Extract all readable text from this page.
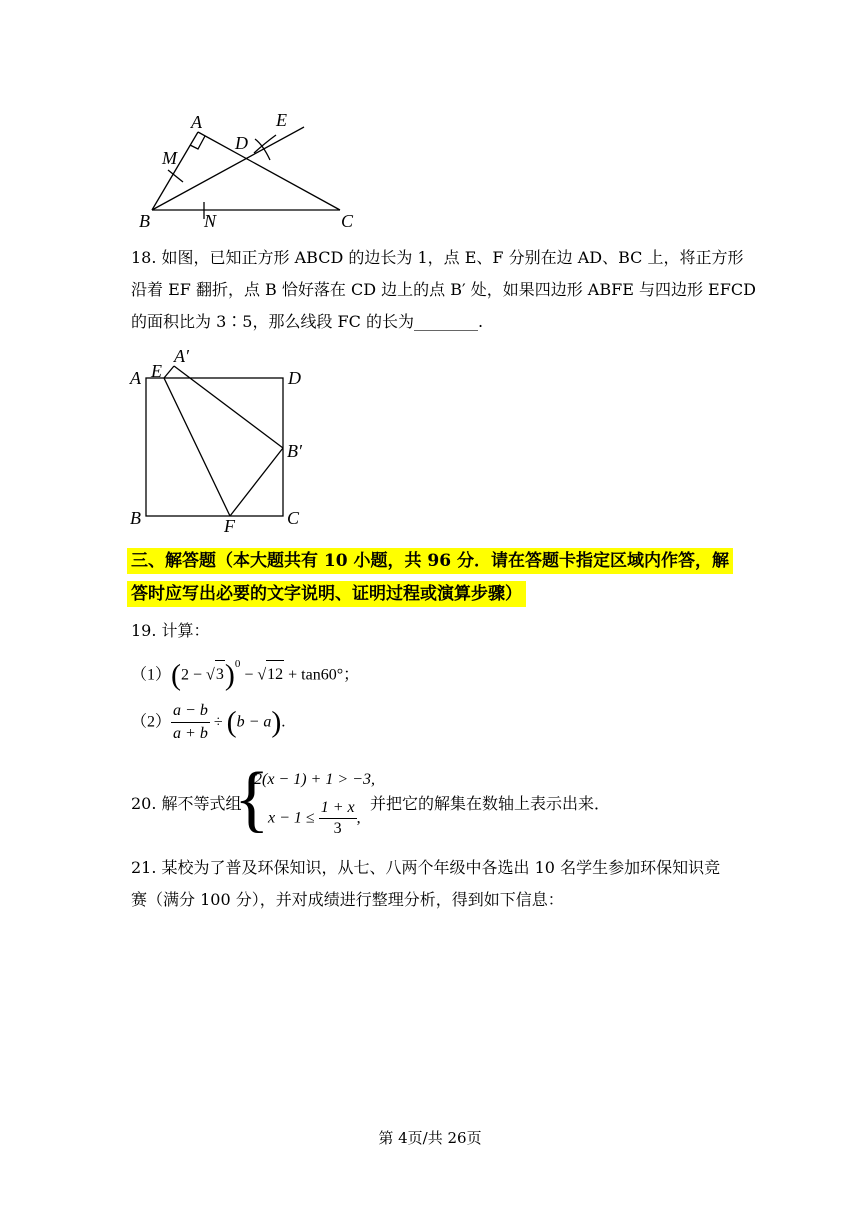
A
M
D
E
B	N	C
18. 如图，已知正方形 ABCD 的边长为 1，点 E、F 分别在边 AD、BC 上，将正方形
沿着 EF 翻折，点 B 恰好落在 CD 边上的点 B′ 处，如果四边形 ABFE 与四边形 EFCD
的面积比为 3∶5，那么线段 FC 的长为________.
A E
A′
D
B′
B	F	C
三、解答题（本大题共有 10 小题，共 96 分．请在答题卡指定区域内作答，解
答时应写出必要的文字说明、证明过程或演算步骤）
19. 计算：
$(1)(2 - √3)^0 - √12 + \tan 60^\circ$；
$(2) \frac{a - b}{a + b} \div (b - a)$.
20. 解不等式组
{
2(x − 1) + 1 > −3,
$x - 1 \le \frac{1 + x}{3}$ ,
并把它的解集在数轴上表示出来．
21. 某校为了普及环保知识，从七、八两个年级中各选出 10 名学生参加环保知识竞
赛（满分 100 分），并对成绩进行整理分析，得到如下信息：
第 4页/共 26页
